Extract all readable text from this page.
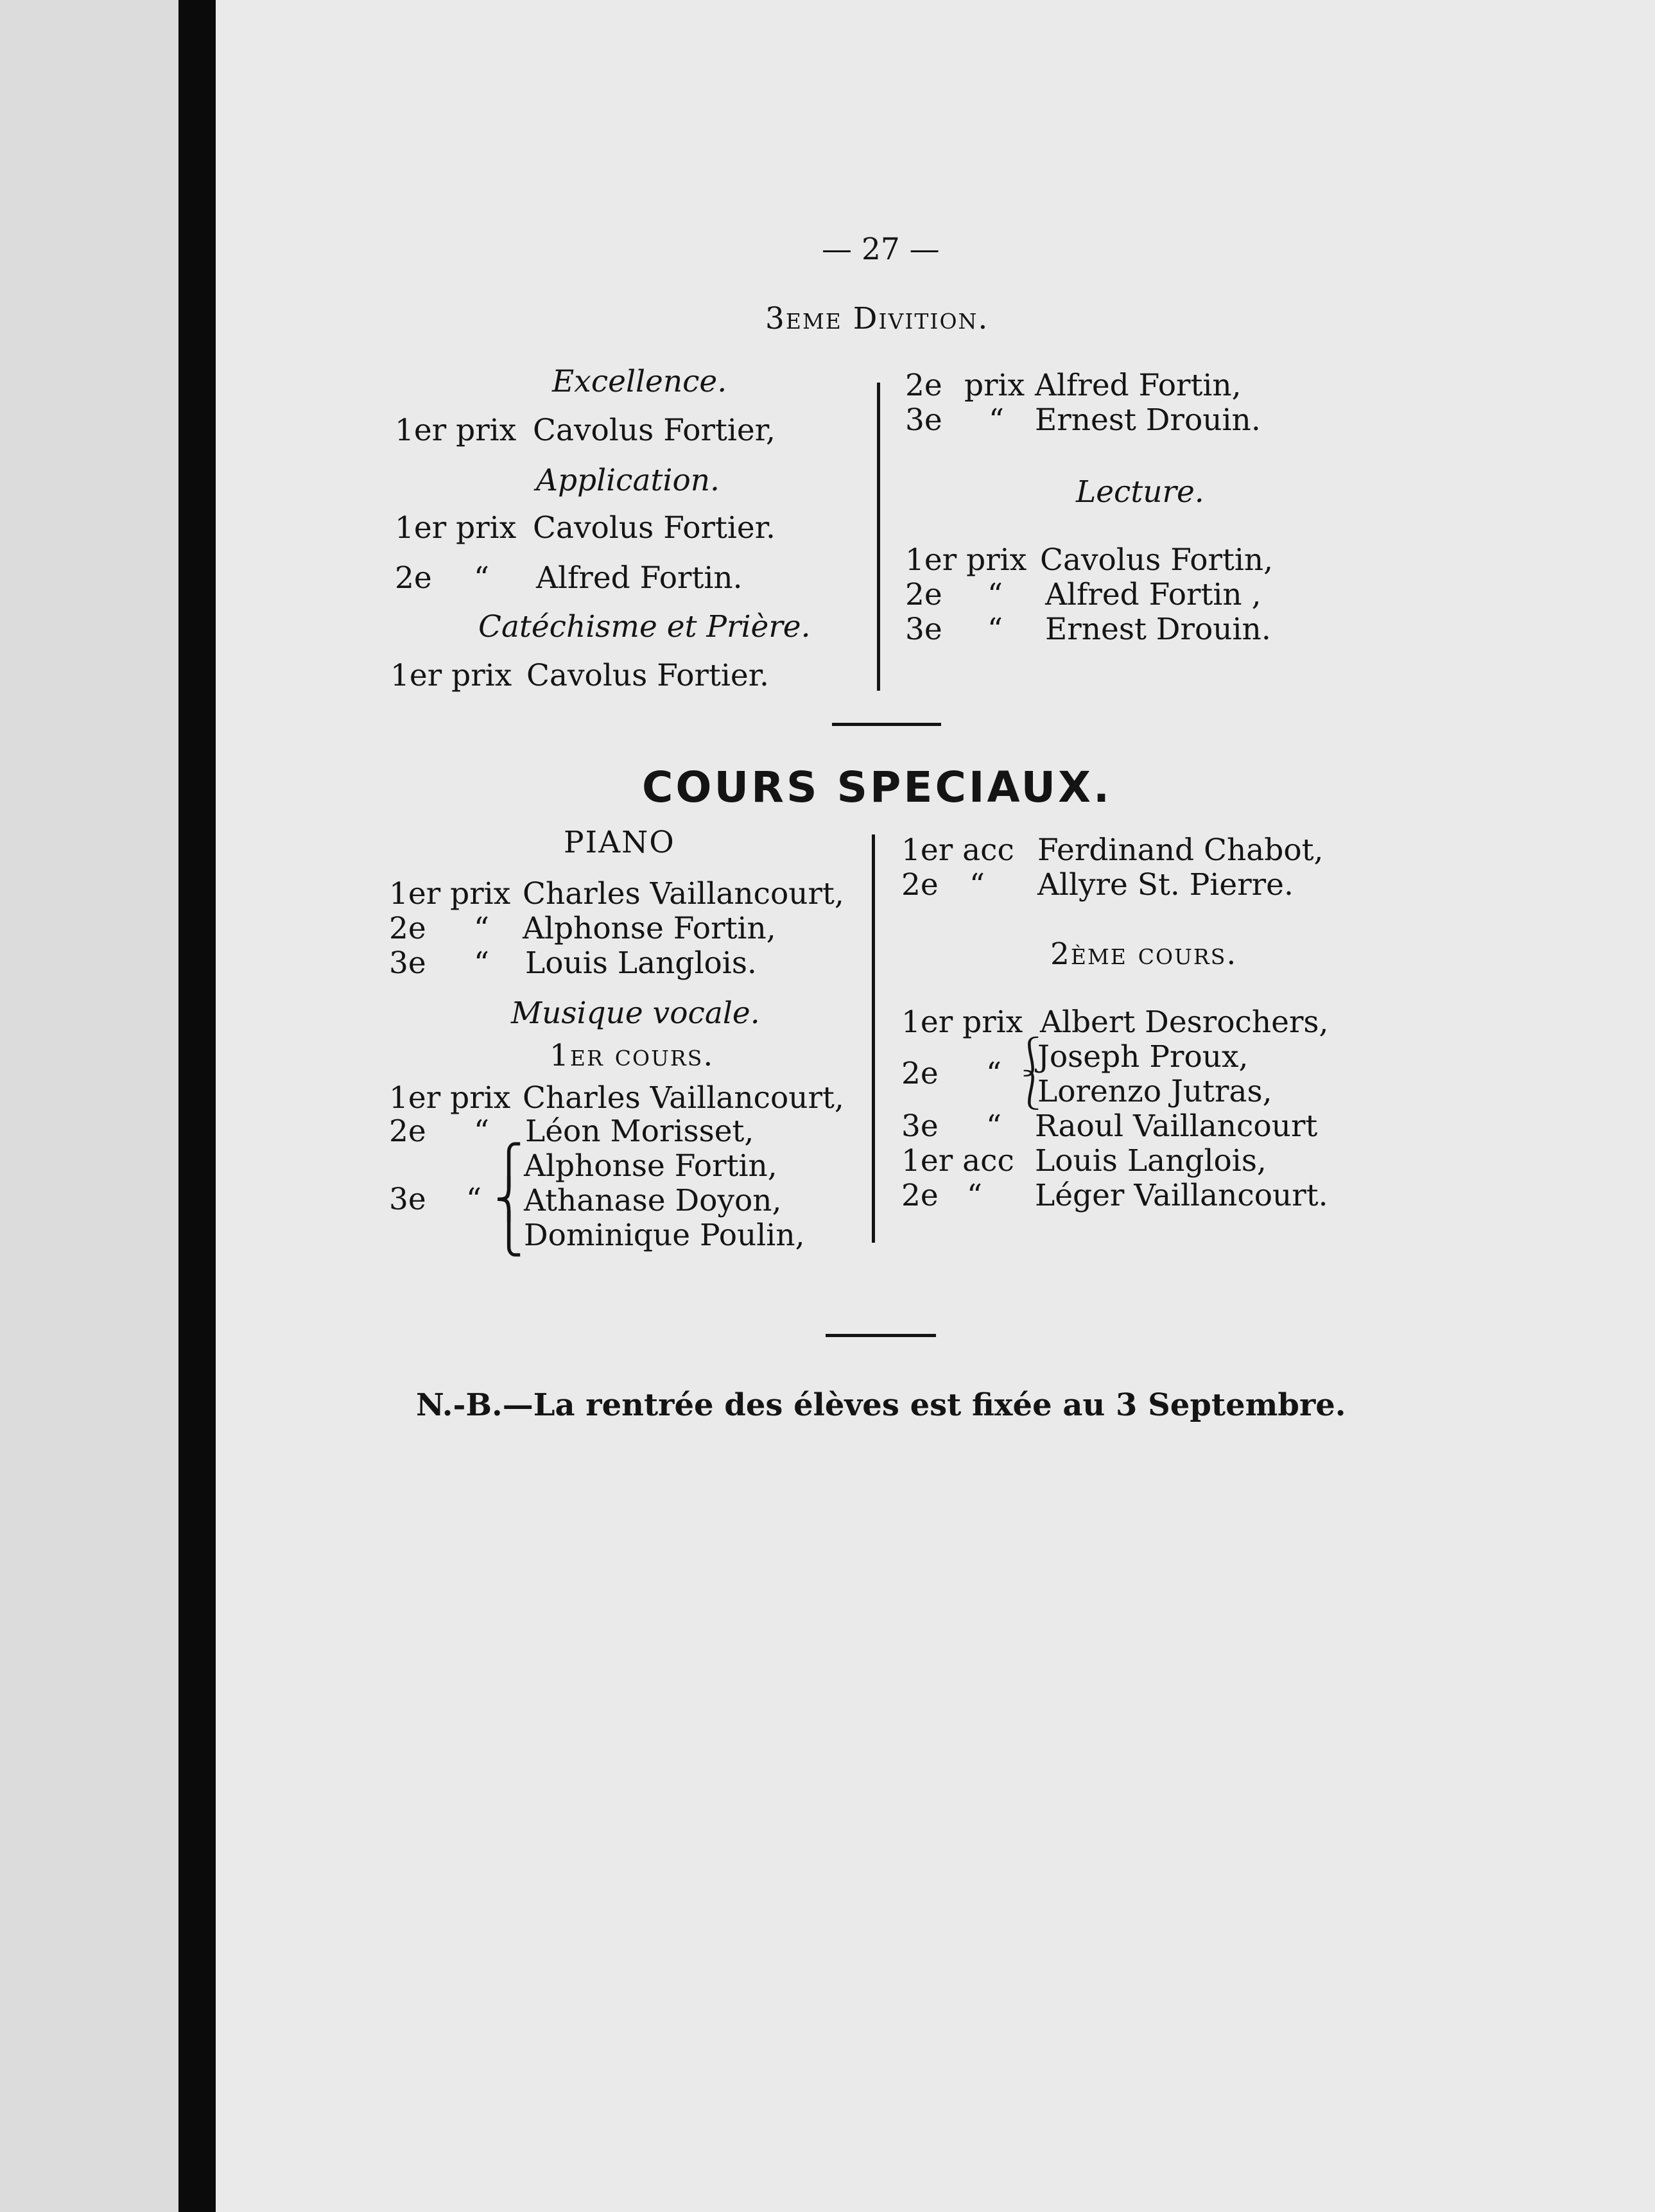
— 27 —
3eme Divition.
Excellence.
1er prix Cavolus Fortier,
Application.
1er prix Cavolus Fortier.
2e “ Alfred Fortin.
Catéchisme et Prière.
1er prix Cavolus Fortier.
2e prix Alfred Fortin,
3e “ Ernest Drouin.
Lecture.
1er prix Cavolus Fortin,
2e “ Alfred Fortin ,
3e “ Ernest Drouin.
COURS SPECIAUX.
PIANO
1er prix Charles Vaillancourt,
2e “ Alphonse Fortin,
3e “ Louis Langlois.
Musique vocale.
1er cours.
1er prix Charles Vaillancourt,
2e “ Léon Morisset,
3e “
⎧
⎨
⎩
Alphonse Fortin,
Athanase Doyon,
Dominique Poulin,
1er acc Ferdinand Chabot,
2e “ Allyre St. Pierre.
2ème cours.
1er prix Albert Desrochers,
2e “ ⎰
⎱
Joseph Proux,
Lorenzo Jutras,
3e “ Raoul Vaillancourt
1er acc Louis Langlois,
2e “ Léger Vaillancourt.
N.-B.—La rentrée des élèves est fixée au 3 Septembre.
